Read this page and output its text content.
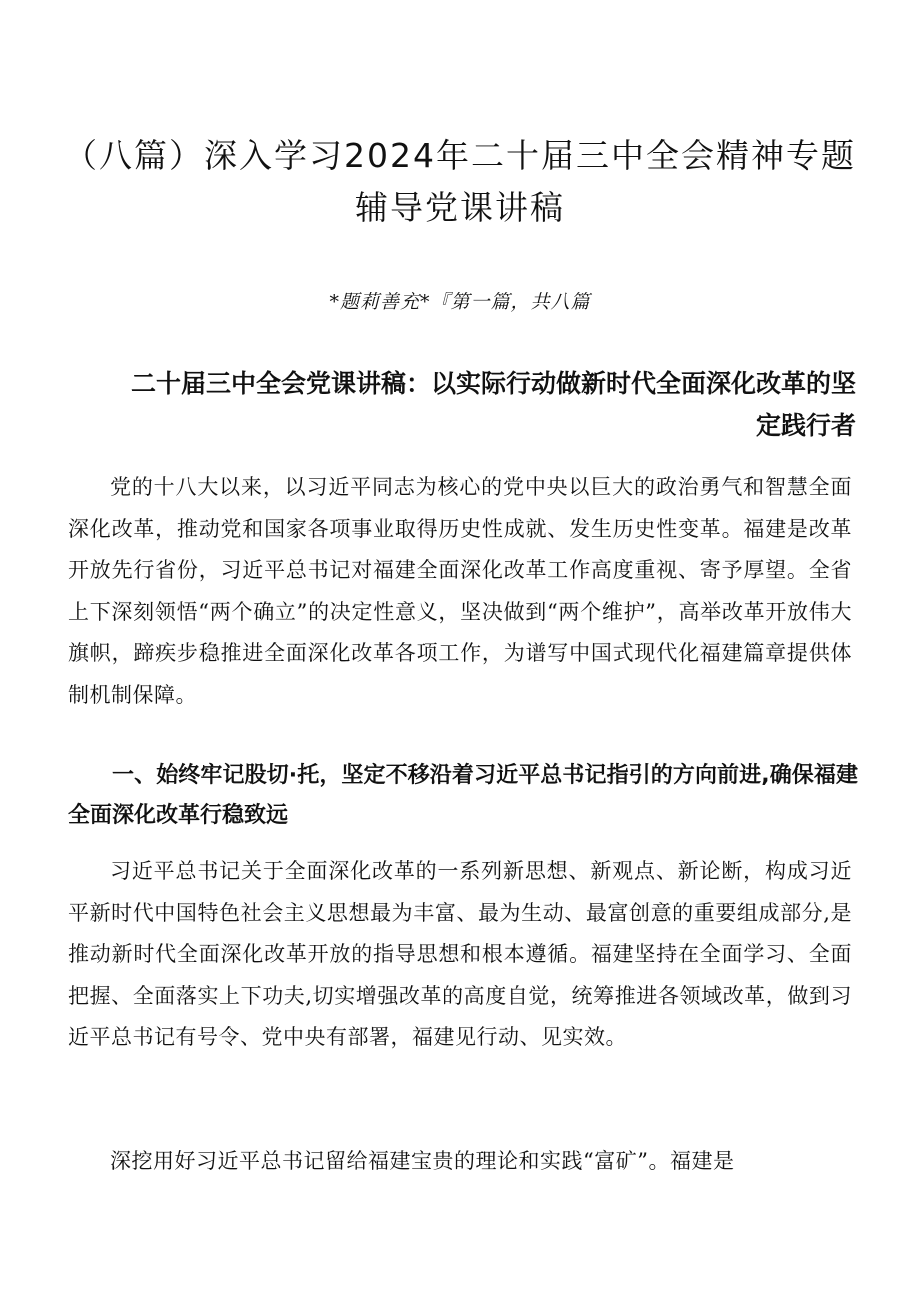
（八篇）深入学习2024年二十届三中全会精神专题
辅导党课讲稿
*题莉善充*『第一篇，共八篇
二十届三中全会党课讲稿：以实际行动做新时代全面深化改革的坚
定践行者

党的十八大以来，以习近平同志为核心的党中央以巨大的政治勇气和智慧全面深化改革，推动党和国家各项事业取得历史性成就、发生历史性变革。福建是改革开放先行省份，习近平总书记对福建全面深化改革工作高度重视、寄予厚望。全省上下深刻领悟“两个确立”的决定性意义，坚决做到“两个维护”，高举改革开放伟大旗帜，蹄疾步稳推进全面深化改革各项工作，为谱写中国式现代化福建篇章提供体制机制保障。

一、始终牢记股切·托，坚定不移沿着习近平总书记指引的方向前进,确保福建全面深化改革行稳致远

习近平总书记关于全面深化改革的一系列新思想、新观点、新论断，构成习近平新时代中国特色社会主义思想最为丰富、最为生动、最富创意的重要组成部分,是推动新时代全面深化改革开放的指导思想和根本遵循。福建坚持在全面学习、全面把握、全面落实上下功夫,切实增强改革的高度自觉，统筹推进各领域改革，做到习近平总书记有号令、党中央有部署，福建见行动、见实效。

深挖用好习近平总书记留给福建宝贵的理论和实践“富矿”。福建是
